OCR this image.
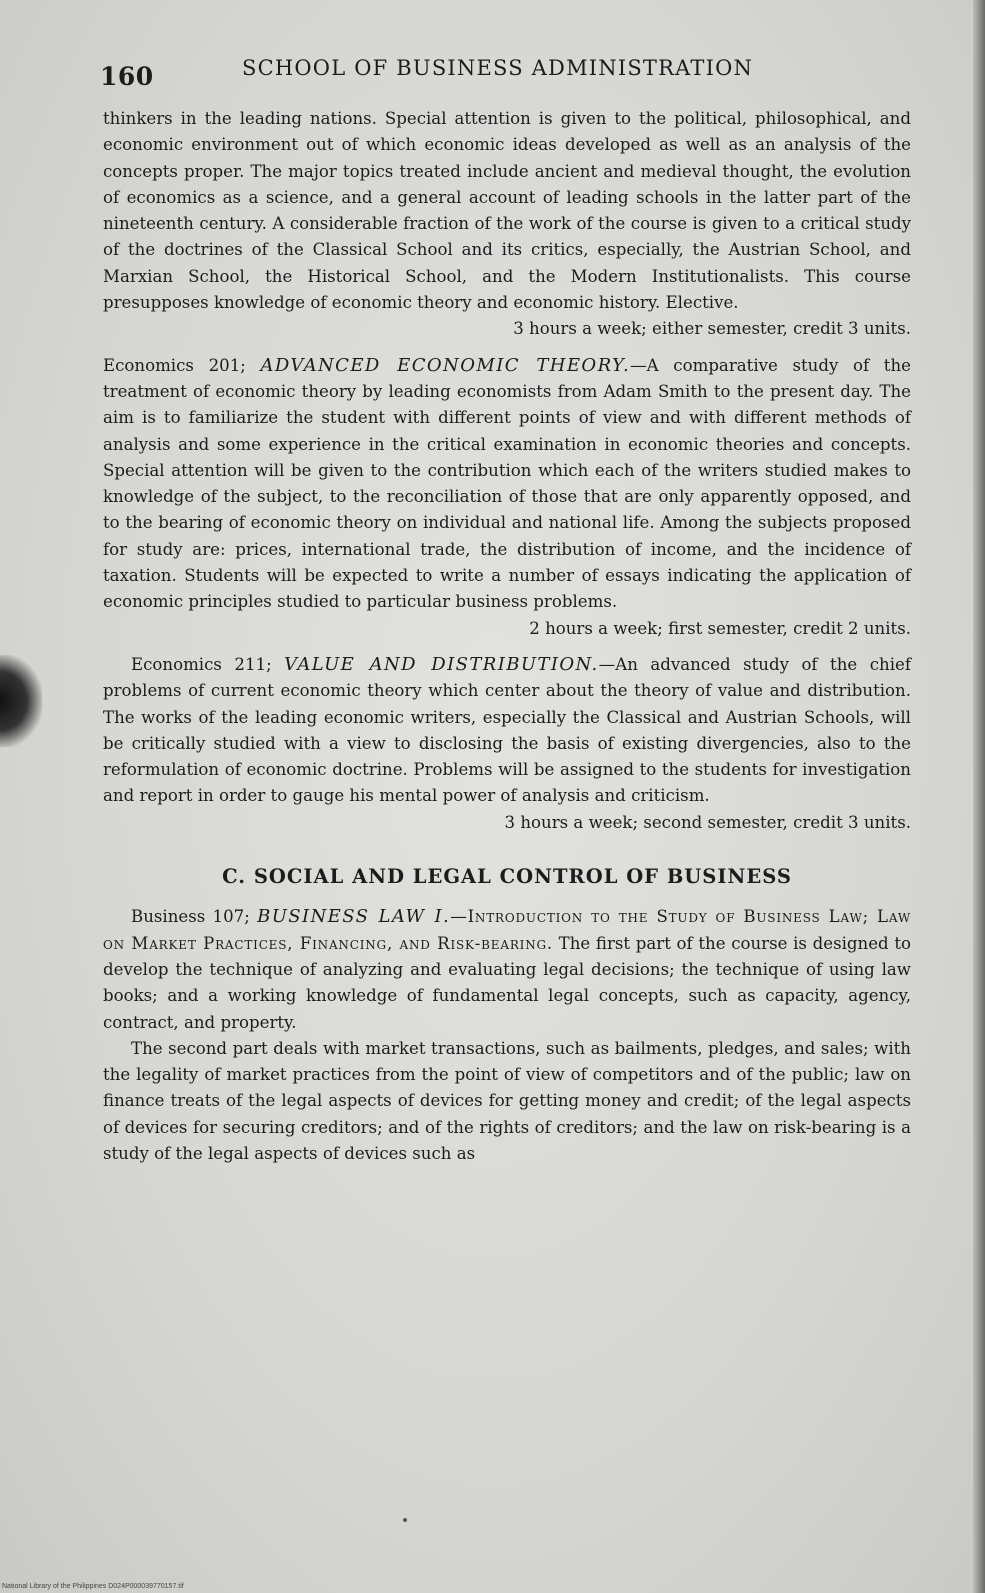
160	SCHOOL OF BUSINESS ADMINISTRATION

thinkers in the leading nations. Special attention is given to the political, philosophical, and economic environment out of which economic ideas developed as well as an analysis of the concepts proper. The major topics treated include ancient and medieval thought, the evolution of economics as a science, and a general account of leading schools in the latter part of the nineteenth century. A considerable fraction of the work of the course is given to a critical study of the doctrines of the Classical School and its critics, especially, the Austrian School, and Marxian School, the Historical School, and the Modern Institutionalists. This course presupposes knowledge of economic theory and economic history. Elective.

3 hours a week; either semester, credit 3 units.

Economics 201; ADVANCED ECONOMIC THEORY.—A comparative study of the treatment of economic theory by leading economists from Adam Smith to the present day. The aim is to familiarize the student with different points of view and with different methods of analysis and some experience in the critical examination in economic theories and concepts. Special attention will be given to the contribution which each of the writers studied makes to knowledge of the subject, to the reconciliation of those that are only apparently opposed, and to the bearing of economic theory on individual and national life. Among the subjects proposed for study are: prices, international trade, the distribution of income, and the incidence of taxation. Students will be expected to write a number of essays indicating the application of economic principles studied to particular business problems.

2 hours a week; first semester, credit 2 units.

Economics 211; VALUE AND DISTRIBUTION.—An advanced study of the chief problems of current economic theory which center about the theory of value and distribution. The works of the leading economic writers, especially the Classical and Austrian Schools, will be critically studied with a view to disclosing the basis of existing divergencies, also to the reformulation of economic doctrine. Problems will be assigned to the students for investigation and report in order to gauge his mental power of analysis and criticism.

3 hours a week; second semester, credit 3 units.

C. SOCIAL AND LEGAL CONTROL OF BUSINESS

Business 107; BUSINESS LAW I.—Introduction to the Study of Business Law; Law on Market Practices, Financing, and Risk-bearing. The first part of the course is designed to develop the technique of analyzing and evaluating legal decisions; the technique of using law books; and a working knowledge of fundamental legal concepts, such as capacity, agency, contract, and property.

The second part deals with market transactions, such as bailments, pledges, and sales; with the legality of market practices from the point of view of competitors and of the public; law on finance treats of the legal aspects of devices for getting money and credit; of the legal aspects of devices for securing creditors; and of the rights of creditors; and the law on risk-bearing is a study of the legal aspects of devices such as

National Library of the Philippines D024P000039770157.tif
